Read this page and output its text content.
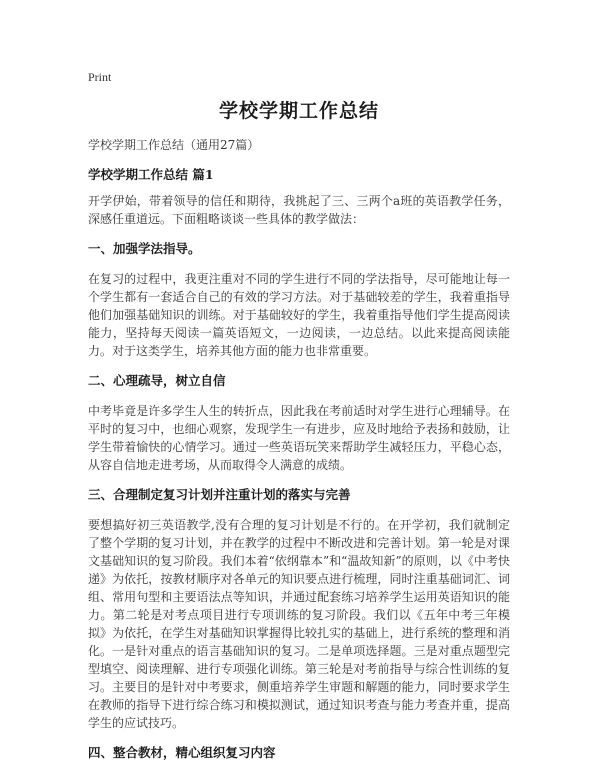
Print
学校学期工作总结

学校学期工作总结（通用27篇）

学校学期工作总结 篇1

开学伊始，带着领导的信任和期待，我挑起了三、三两个a班的英语教学任务，深感任重道远。下面粗略谈谈一些具体的教学做法：

一、加强学法指导。

在复习的过程中，我更注重对不同的学生进行不同的学法指导，尽可能地让每一个学生都有一套适合自己的有效的学习方法。对于基础较差的学生，我着重指导他们加强基础知识的训练。对于基础较好的学生，我着重指导他们学生提高阅读能力，坚持每天阅读一篇英语短文，一边阅读，一边总结。以此来提高阅读能力。对于这类学生，培养其他方面的能力也非常重要。

二、心理疏导，树立自信

中考毕竟是许多学生人生的转折点，因此我在考前适时对学生进行心理辅导。在平时的复习中，也细心观察，发现学生一有进步，应及时地给予表扬和鼓励，让学生带着愉快的心情学习。通过一些英语玩笑来帮助学生减轻压力，平稳心态，从容自信地走进考场，从而取得令人满意的成绩。

三、合理制定复习计划并注重计划的落实与完善

要想搞好初三英语教学,没有合理的复习计划是不行的。在开学初，我们就制定了整个学期的复习计划，并在教学的过程中不断改进和完善计划。第一轮是对课文基础知识的复习阶段。我们本着“依纲靠本”和“温故知新”的原则，以《中考快递》为依托，按教材顺序对各单元的知识要点进行梳理，同时注重基础词汇、词组、常用句型和主要语法点等知识，并通过配套练习培养学生运用英语知识的能力。第二轮是对考点项目进行专项训练的复习阶段。我们以《五年中考三年模拟》为依托，在学生对基础知识掌握得比较扎实的基础上，进行系统的整理和消化。一是针对重点的语言基础知识的复习。二是单项选择题。三是对重点题型完型填空、阅读理解、进行专项强化训练。第三轮是对考前指导与综合性训练的复习。主要目的是针对中考要求，侧重培养学生审题和解题的能力，同时要求学生在教师的指导下进行综合练习和模拟测试，通过知识考查与能力考查并重，提高学生的应试技巧。

四、整合教材，精心组织复习内容
